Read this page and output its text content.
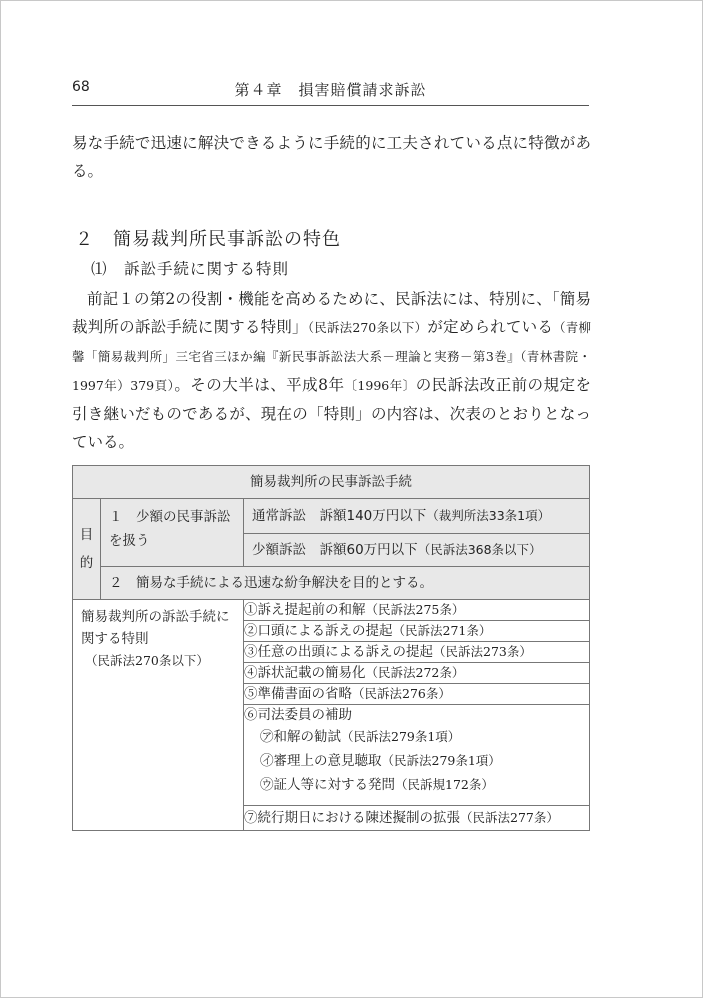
68	第４章　損害賠償請求訴訟
易な手続で迅速に解決できるように手続的に工夫されている点に特徴がある。
２　簡易裁判所民事訴訟の特色
⑴　訴訟手続に関する特則
前記１の第2の役割・機能を高めるために、民訴法には、特別に、「簡易裁判所の訴訟手続に関する特則」（民訴法270条以下）が定められている（青柳馨「簡易裁判所」三宅省三ほか編『新民事訴訟法大系－理論と実務－第3巻』（青林書院・1997年）379頁）。その大半は、平成8年〔1996年〕の民訴法改正前の規定を引き継いだものであるが、現在の「特則」の内容は、次表のとおりとなっている。
簡易裁判所の民事訴訟手続		
目的	１　少額の民事訴訟を扱う	通常訴訟　訴額140万円以下（裁判所法33条1項）
		少額訴訟　訴額60万円以下（民訴法368条以下）
	２　簡易な手続による迅速な紛争解決を目的とする。	
簡易裁判所の訴訟手続に関する特則
（民訴法270条以下）		①訴え提起前の和解（民訴法275条）
		②口頭による訴えの提起（民訴法271条）
		③任意の出頭による訴えの提起（民訴法273条）
		④訴状記載の簡易化（民訴法272条）
		⑤準備書面の省略（民訴法276条）
		⑥司法委員の補助
㋐和解の勧試（民訴法279条1項）
㋑審理上の意見聴取（民訴法279条1項）
㋒証人等に対する発問（民訴規172条）

		⑦続行期日における陳述擬制の拡張（民訴法277条）
